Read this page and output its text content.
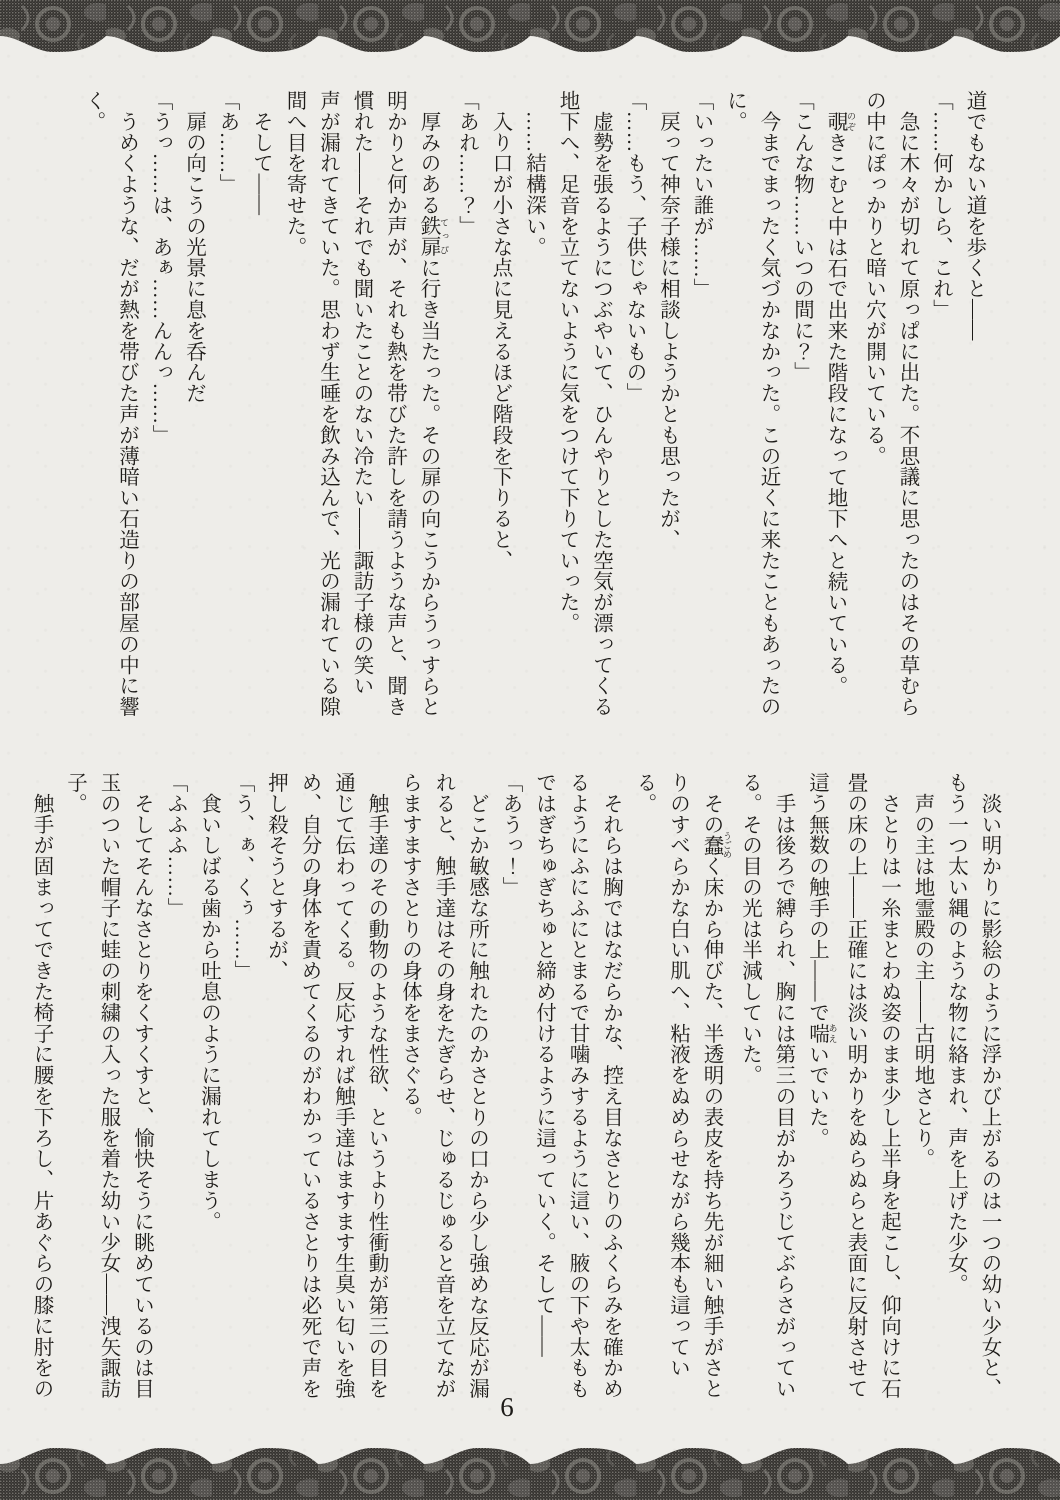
道でもない道を歩くと――
「……何かしら、これ」
　急に木々が切れて原っぱに出た。不思議に思ったのはその草むら
の中にぽっかりと暗い穴が開いている。
　覗 のぞきこむと中は石で出来た階段になって地下へと続いている。
「こんな物……いつの間に？」
　今までまったく気づかなかった。この近くに来たこともあったの
に。
「いったい誰が……」
　戻って神奈子様に相談しようかとも思ったが、
「……もう、子供じゃないもの」
　虚勢を張るようにつぶやいて、ひんやりとした空気が漂ってくる
地下へ、足音を立てないように気をつけて下りていった。
　……結構深い。
　入り口が小さな点に見えるほど階段を下りると、
「あれ……？」
　厚みのある鉄扉 てっぴに行き当たった。その扉の向こうからうっすらと
明かりと何か声が、それも熱を帯びた許しを請うような声と、聞き
慣れた――それでも聞いたことのない冷たい――諏訪子様の笑い
声が漏れてきていた。思わず生唾を飲み込んで、光の漏れている隙
間へ目を寄せた。
　そして――
「あ……」
　扉の向こうの光景に息を呑んだ
「うっ……は、あぁ……んんっ……」
　うめくような、だが熱を帯びた声が薄暗い石造りの部屋の中に響
く。
　淡い明かりに影絵のように浮かび上がるのは一つの幼い少女と、
もう一つ太い縄のような物に絡まれ、声を上げた少女。
　声の主は地霊殿の主――古明地さとり。
　さとりは一糸まとわぬ姿のまま少し上半身を起こし、仰向けに石
畳の床の上――正確には淡い明かりをぬらぬらと表面に反射させて
這う無数の触手の上――で喘 あえいでいた。
　手は後ろで縛られ、胸には第三の目がかろうじてぶらさがってい
る。その目の光は半減していた。
　その蠢 うごめく床から伸びた、半透明の表皮を持ち先が細い触手がさと
りのすべらかな白い肌へ、粘液をぬめらせながら幾本も這っている。
　それらは胸ではなだらかな、控え目なさとりのふくらみを確かめ
るようにふにふにとまるで甘噛みするように這い、腋の下や太もも
ではぎちゅぎちゅと締め付けるように這っていく。そして――
「あうっ！」
　どこか敏感な所に触れたのかさとりの口から少し強めな反応が漏
れると、触手達はその身をたぎらせ、じゅるじゅると音を立てなが
らますますさとりの身体をまさぐる。
　触手達のその動物のような性欲、というより性衝動が第三の目を
通じて伝わってくる。反応すれば触手達はますます生臭い匂いを強
め、自分の身体を責めてくるのがわかっているさとりは必死で声を
押し殺そうとするが、
「う、ぁ、くぅ……」
　食いしばる歯から吐息のように漏れてしまう。
「ふふふ……」
　そしてそんなさとりをくすくすと、愉快そうに眺めているのは目
玉のついた帽子に蛙の刺繍の入った服を着た幼い少女――洩矢諏訪
子。
　触手が固まってできた椅子に腰を下ろし、片あぐらの膝に肘をの
6
